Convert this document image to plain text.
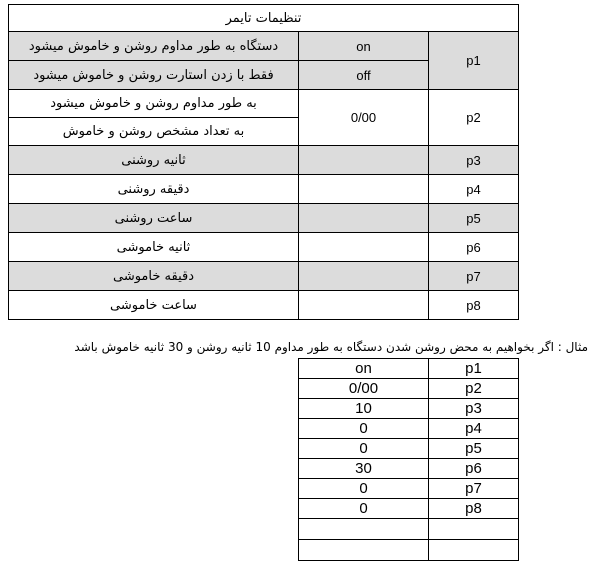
تنظیمات تایمر		
دستگاه به طور مداوم روشن و خاموش میشود	on	p1
فقط با زدن استارت روشن و خاموش میشود	off	
به طور مداوم روشن و خاموش میشود	0/00	p2
به تعداد مشخص روشن و خاموش		
ثانیه روشنی		p3
دقیقه روشنی		p4
ساعت روشنی		p5
ثانیه خاموشی		p6
دقیقه خاموشی		p7
ساعت خاموشی		p8
مثال : اگر بخواهیم به محض روشن شدن دستگاه به طور مداوم 10 ثانیه روشن و 30 ثانیه خاموش باشد
on	p1
0/00	p2
10	p3
0	p4
0	p5
30	p6
0	p7
0	p8
